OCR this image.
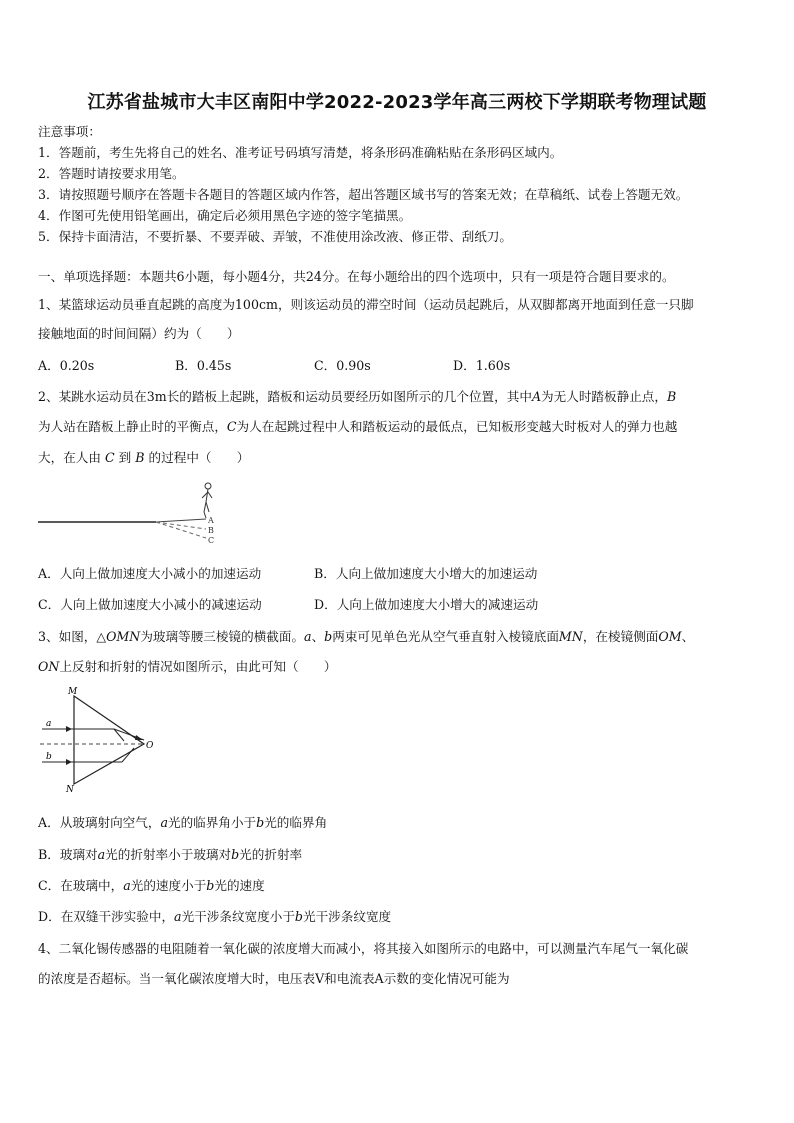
江苏省盐城市大丰区南阳中学2022-2023学年高三两校下学期联考物理试题
注意事项：
1．答题前，考生先将自己的姓名、准考证号码填写清楚，将条形码准确粘贴在条形码区域内。
2．答题时请按要求用笔。
3．请按照题号顺序在答题卡各题目的答题区域内作答，超出答题区域书写的答案无效；在草稿纸、试卷上答题无效。
4．作图可先使用铅笔画出，确定后必须用黑色字迹的签字笔描黑。
5．保持卡面清洁，不要折暴、不要弄破、弄皱，不准使用涂改液、修正带、刮纸刀。
一、单项选择题：本题共6小题，每小题4分，共24分。在每小题给出的四个选项中，只有一项是符合题目要求的。
1、某篮球运动员垂直起跳的高度为100cm，则该运动员的滞空时间（运动员起跳后，从双脚都离开地面到任意一只脚
接触地面的时间间隔）约为（　　）
A．0.20s	B．0.45s	C．0.90s	D．1.60s
2、某跳水运动员在3m长的踏板上起跳，踏板和运动员要经历如图所示的几个位置，其中A为无人时踏板静止点，B
为人站在踏板上静止时的平衡点，C为人在起跳过程中人和踏板运动的最低点，已知板形变越大时板对人的弹力也越
大，在人由 C 到 B 的过程中（　　）
A
B
C
A．人向上做加速度大小减小的加速运动	B．人向上做加速度大小增大的加速运动
C．人向上做加速度大小减小的减速运动	D．人向上做加速度大小增大的减速运动
3、如图，△OMN为玻璃等腰三棱镜的横截面。a、b两束可见单色光从空气垂直射入棱镜底面MN，在棱镜侧面OM、
ON上反射和折射的情况如图所示，由此可知（　　）
M
N
O
a
b
A．从玻璃射向空气，a光的临界角小于b光的临界角
B．玻璃对a光的折射率小于玻璃对b光的折射率
C．在玻璃中，a光的速度小于b光的速度
D．在双缝干涉实验中，a光干涉条纹宽度小于b光干涉条纹宽度
4、二氧化锡传感器的电阻随着一氧化碳的浓度增大而减小，将其接入如图所示的电路中，可以测量汽车尾气一氧化碳
的浓度是否超标。当一氧化碳浓度增大时，电压表V和电流表A示数的变化情况可能为
